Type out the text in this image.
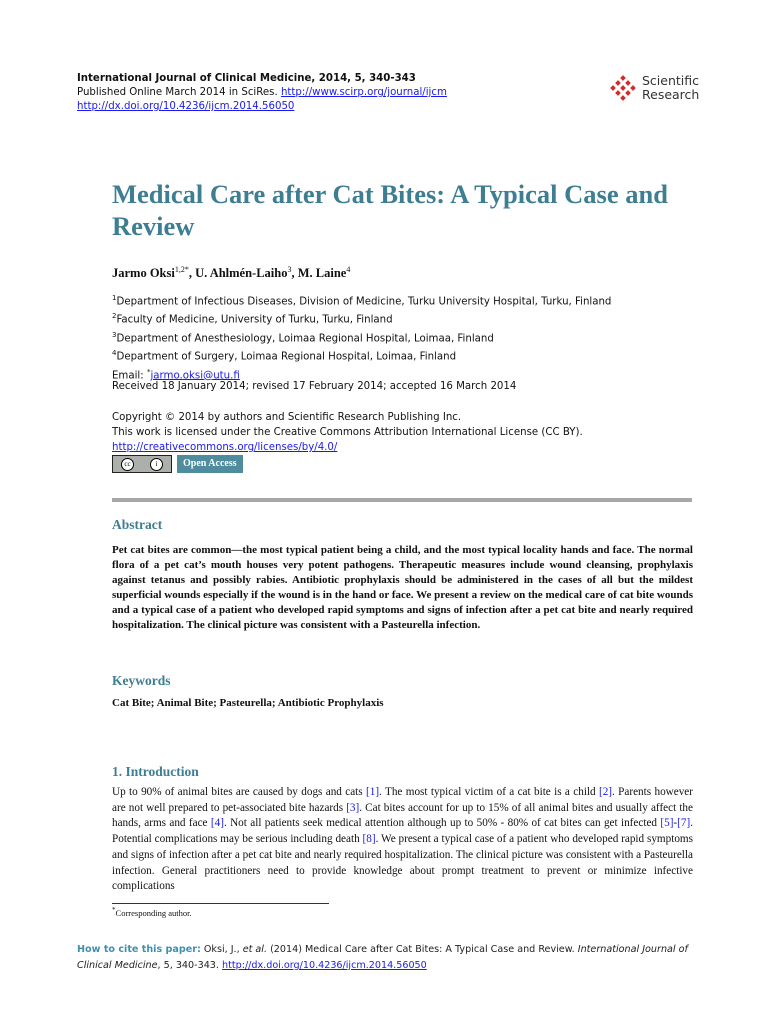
International Journal of Clinical Medicine, 2014, 5, 340-343
Published Online March 2014 in SciRes. http://www.scirp.org/journal/ijcm
http://dx.doi.org/10.4236/ijcm.2014.56050
Scientific
Research
Medical Care after Cat Bites: A Typical Case and Review
Jarmo Oksi$^{1,2*}$, U. Ahlmén-Laiho$^3$, M. Laine$^4$
$^1$Department of Infectious Diseases, Division of Medicine, Turku University Hospital, Turku, Finland
$^2$Faculty of Medicine, University of Turku, Turku, Finland
$^3$Department of Anesthesiology, Loimaa Regional Hospital, Loimaa, Finland
$^4$Department of Surgery, Loimaa Regional Hospital, Loimaa, Finland
Email: *jarmo.oksi@utu.fi
Received 18 January 2014; revised 17 February 2014; accepted 16 March 2014
Copyright © 2014 by authors and Scientific Research Publishing Inc.
This work is licensed under the Creative Commons Attribution International License (CC BY).
http://creativecommons.org/licenses/by/4.0/
cc	i	Open Access
Abstract

Pet cat bites are common—the most typical patient being a child, and the most typical locality hands and face. The normal flora of a pet cat’s mouth houses very potent pathogens. Therapeutic measures include wound cleansing, prophylaxis against tetanus and possibly rabies. Antibiotic prophylaxis should be administered in the cases of all but the mildest superficial wounds especially if the wound is in the hand or face. We present a review on the medical care of cat bite wounds and a typical case of a patient who developed rapid symptoms and signs of infection after a pet cat bite and nearly required hospitalization. The clinical picture was consistent with a Pasteurella infection.

Keywords
Cat Bite; Animal Bite; Pasteurella; Antibiotic Prophylaxis
1. Introduction

Up to 90% of animal bites are caused by dogs and cats [1]. The most typical victim of a cat bite is a child [2]. Parents however are not well prepared to pet-associated bite hazards [3]. Cat bites account for up to 15% of all animal bites and usually affect the hands, arms and face [4]. Not all patients seek medical attention although up to 50% - 80% of cat bites can get infected [5]-[7]. Potential complications may be serious including death [8]. We present a typical case of a patient who developed rapid symptoms and signs of infection after a pet cat bite and nearly required hospitalization. The clinical picture was consistent with a Pasteurella infection. General practitioners need to provide knowledge about prompt treatment to prevent or minimize infective complications

*Corresponding author.
How to cite this paper: Oksi, J., et al. (2014) Medical Care after Cat Bites: A Typical Case and Review. International Journal of Clinical Medicine, 5, 340-343. http://dx.doi.org/10.4236/ijcm.2014.56050
